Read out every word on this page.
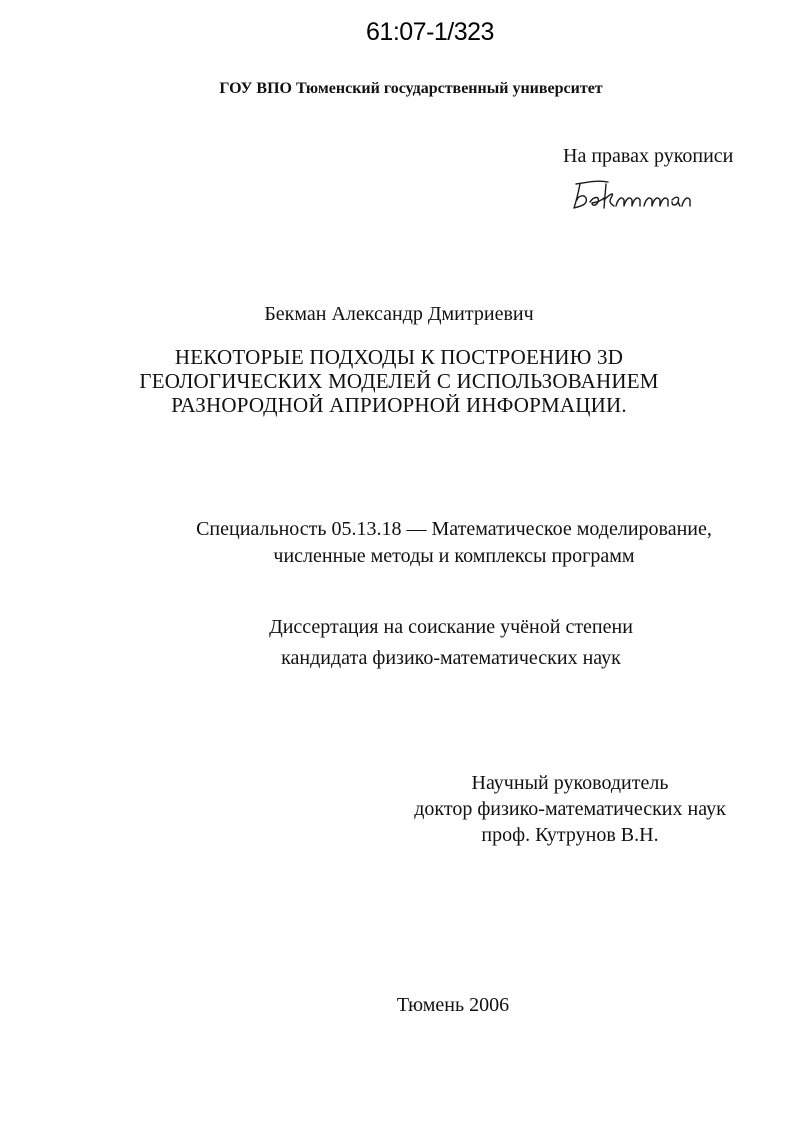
61:07-1/323
ГОУ ВПО Тюменский государственный университет
На правах рукописи
Бекман Александр Дмитриевич
НЕКОТОРЫЕ ПОДХОДЫ К ПОСТРОЕНИЮ 3D
ГЕОЛОГИЧЕСКИХ МОДЕЛЕЙ С ИСПОЛЬЗОВАНИЕМ
РАЗНОРОДНОЙ АПРИОРНОЙ ИНФОРМАЦИИ.
Специальность 05.13.18 — Математическое моделирование,
численные методы и комплексы программ
Диссертация на соискание учёной степени
кандидата физико-математических наук
Научный руководитель
доктор физико-математических наук
проф. Кутрунов В.Н.
Тюмень 2006
